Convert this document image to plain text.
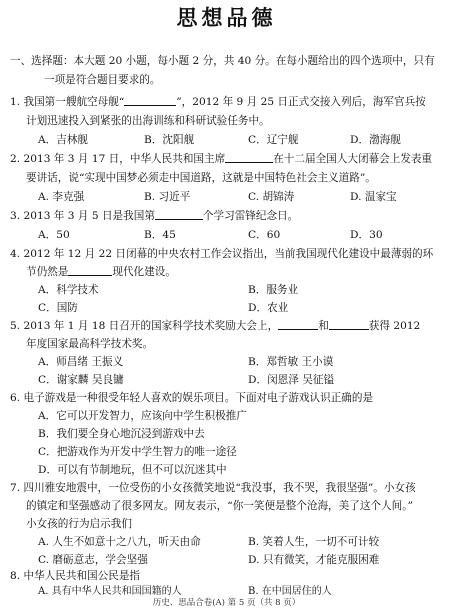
思想品德
一、选择题：本大题 20 小题，每小题 2 分，共 40 分。在每小题给出的四个选项中，只有
一项是符合题目要求的。
1. 我国第一艘航空母舰“	”，2012 年 9 月 25 日正式交接入列后，海军官兵按
计划迅速投入到紧张的出海训练和科研试验任务中。
A．吉林舰	B．沈阳舰	C．辽宁舰	D．渤海舰
2. 2013 年 3 月 17 日，中华人民共和国主席	在十二届全国人大闭幕会上发表重
要讲话，说“实现中国梦必须走中国道路，这就是中国特色社会主义道路”。
A. 李克强	B. 习近平	C. 胡锦涛	D. 温家宝
3. 2013 年 3 月 5 日是我国第	个学习雷锋纪念日。
A．50	B．45	C．60	D．30
4. 2012 年 12 月 22 日闭幕的中央农村工作会议指出，当前我国现代化建设中最薄弱的环
节仍然是	现代化建设。
A．科学技术	B．服务业
C．国防	D．农业
5. 2013 年 1 月 18 日召开的国家科学技术奖励大会上，	和	获得 2012
年度国家最高科学技术奖。
A．师昌绪 王振义	B．郑哲敏 王小谟
C．谢家麟 吴良镛	D．闵恩泽 吴征镒
6. 电子游戏是一种很受年轻人喜欢的娱乐项目。下面对电子游戏认识正确的是
A．它可以开发智力，应该向中学生积极推广
B．我们要全身心地沉浸到游戏中去
C．把游戏作为开发中学生智力的唯一途径
D．可以有节制地玩，但不可以沉迷其中
7. 四川雅安地震中，一位受伤的小女孩微笑地说“我没事，我不哭，我很坚强”。小女孩
的镇定和坚强感动了很多网友。网友表示，“你一笑便是整个沧海，美了这个人间。”
小女孩的行为启示我们
A. 人生不如意十之八九，听天由命	B. 笑着人生，一切不可计较
C. 磨砺意志，学会坚强	D. 只有微笑，才能克服困难
历史、思品合卷(A) 第 5 页（共 8 页）
8. 中华人民共和国公民是指
A. 具有中华人民共和国国籍的人	B. 在中国居住的人
